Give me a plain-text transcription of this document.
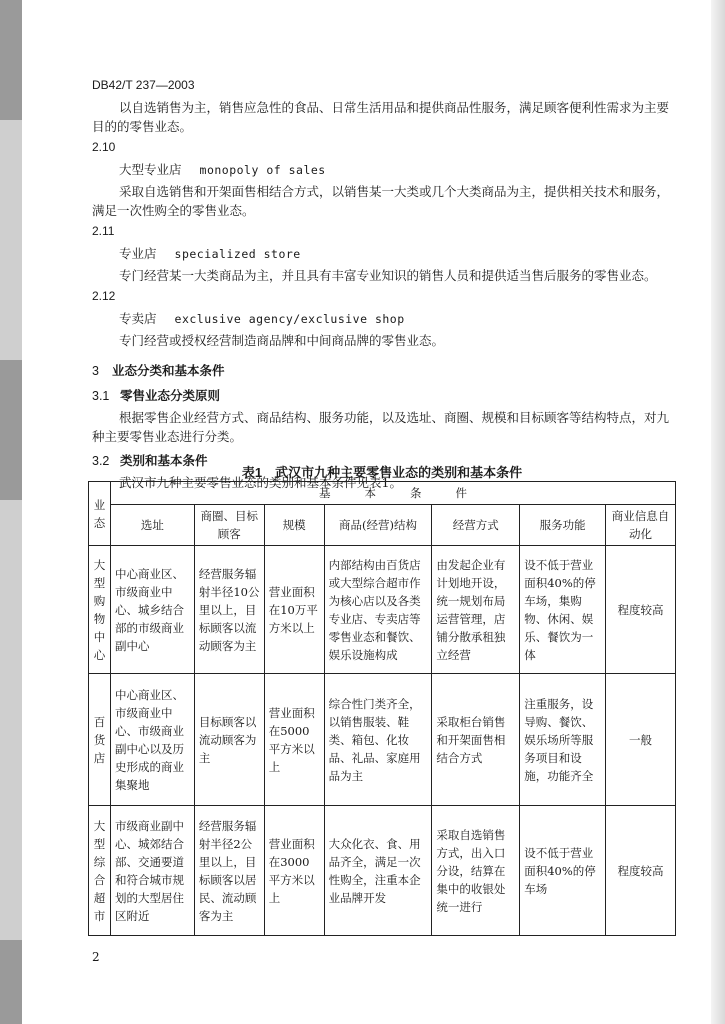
DB42/T 237—2003

以自选销售为主，销售应急性的食品、日常生活用品和提供商品性服务，满足顾客便利性需求为主要目的的零售业态。

2.10

大型专业店 monopoly of sales

采取自选销售和开架面售相结合方式，以销售某一大类或几个大类商品为主，提供相关技术和服务，满足一次性购全的零售业态。

2.11

专业店 specialized store

专门经营某一大类商品为主，并且具有丰富专业知识的销售人员和提供适当售后服务的零售业态。

2.12

专卖店 exclusive agency/exclusive shop

专门经营或授权经营制造商品牌和中间商品牌的零售业态。

3 业态分类和基本条件

3.1 零售业态分类原则

根据零售企业经营方式、商品结构、服务功能，以及选址、商圈、规模和目标顾客等结构特点，对九种主要零售业态进行分类。

3.2 类别和基本条件

武汉市九种主要零售业态的类别和基本条件见表1。

表1　武汉市九种主要零售业态的类别和基本条件
业态	基本条件						
	选址	商圈、目标顾客	规模	商品(经营)结构	经营方式	服务功能	商业信息自动化
大型购物中心	中心商业区、市级商业中心、城乡结合部的市级商业副中心	经营服务辐射半径10公里以上，目标顾客以流动顾客为主	营业面积在10万平方米以上	内部结构由百货店或大型综合超市作为核心店以及各类专业店、专卖店等零售业态和餐饮、娱乐设施构成	由发起企业有计划地开设，统一规划布局运营管理，店铺分散承租独立经营	设不低于营业面积40%的停车场，集购物、休闲、娱乐、餐饮为一体	程度较高
百货店	中心商业区、市级商业中心、市级商业副中心以及历史形成的商业集聚地	目标顾客以流动顾客为主	营业面积在5000平方米以上	综合性门类齐全，以销售服装、鞋类、箱包、化妆品、礼品、家庭用品为主	采取柜台销售和开架面售相结合方式	注重服务，设导购、餐饮、娱乐场所等服务项目和设施，功能齐全	一般
大型综合超市	市级商业副中心、城郊结合部、交通要道和符合城市规划的大型居住区附近	经营服务辐射半径2公里以上，目标顾客以居民、流动顾客为主	营业面积在3000平方米以上	大众化衣、食、用品齐全，满足一次性购全，注重本企业品牌开发	采取自选销售方式，出入口分设，结算在集中的收银处统一进行	设不低于营业面积40%的停车场	程度较高
2
